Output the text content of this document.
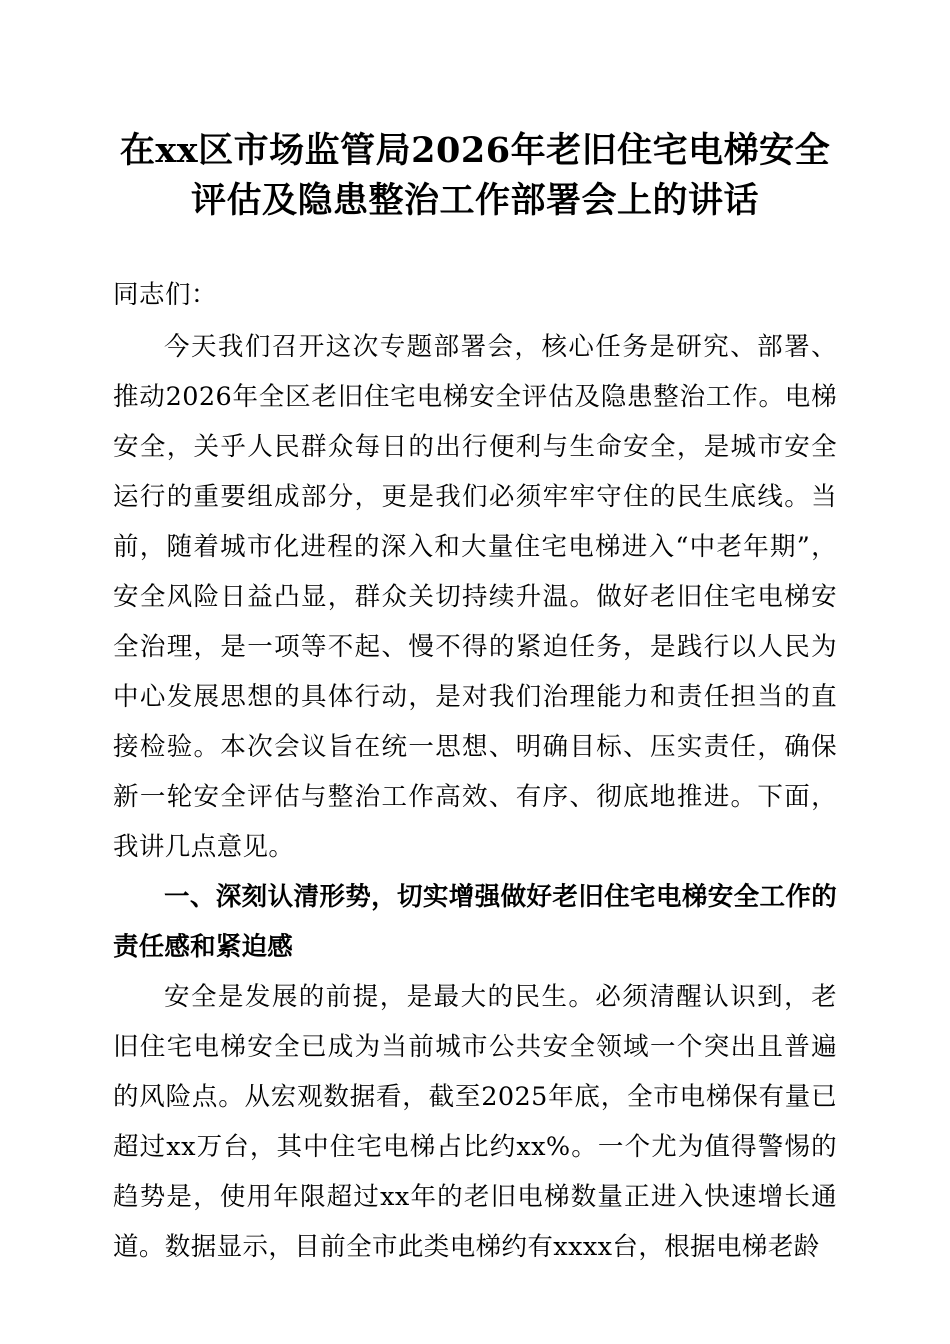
在xx区市场监管局2026年老旧住宅电梯安全评估及隐患整治工作部署会上的讲话

同志们：

今天我们召开这次专题部署会，核心任务是研究、部署、推动2026年全区老旧住宅电梯安全评估及隐患整治工作。电梯安全，关乎人民群众每日的出行便利与生命安全，是城市安全运行的重要组成部分，更是我们必须牢牢守住的民生底线。当前，随着城市化进程的深入和大量住宅电梯进入“中老年期”，安全风险日益凸显，群众关切持续升温。做好老旧住宅电梯安全治理，是一项等不起、慢不得的紧迫任务，是践行以人民为中心发展思想的具体行动，是对我们治理能力和责任担当的直接检验。本次会议旨在统一思想、明确目标、压实责任，确保新一轮安全评估与整治工作高效、有序、彻底地推进。下面，我讲几点意见。

一、深刻认清形势，切实增强做好老旧住宅电梯安全工作的责任感和紧迫感

安全是发展的前提，是最大的民生。必须清醒认识到，老旧住宅电梯安全已成为当前城市公共安全领域一个突出且普遍的风险点。从宏观数据看，截至2025年底，全市电梯保有量已超过xx万台，其中住宅电梯占比约xx%。一个尤为值得警惕的趋势是，使用年限超过xx年的老旧电梯数量正进入快速增长通道。数据显示，目前全市此类电梯约有xxxx台，根据电梯老龄
